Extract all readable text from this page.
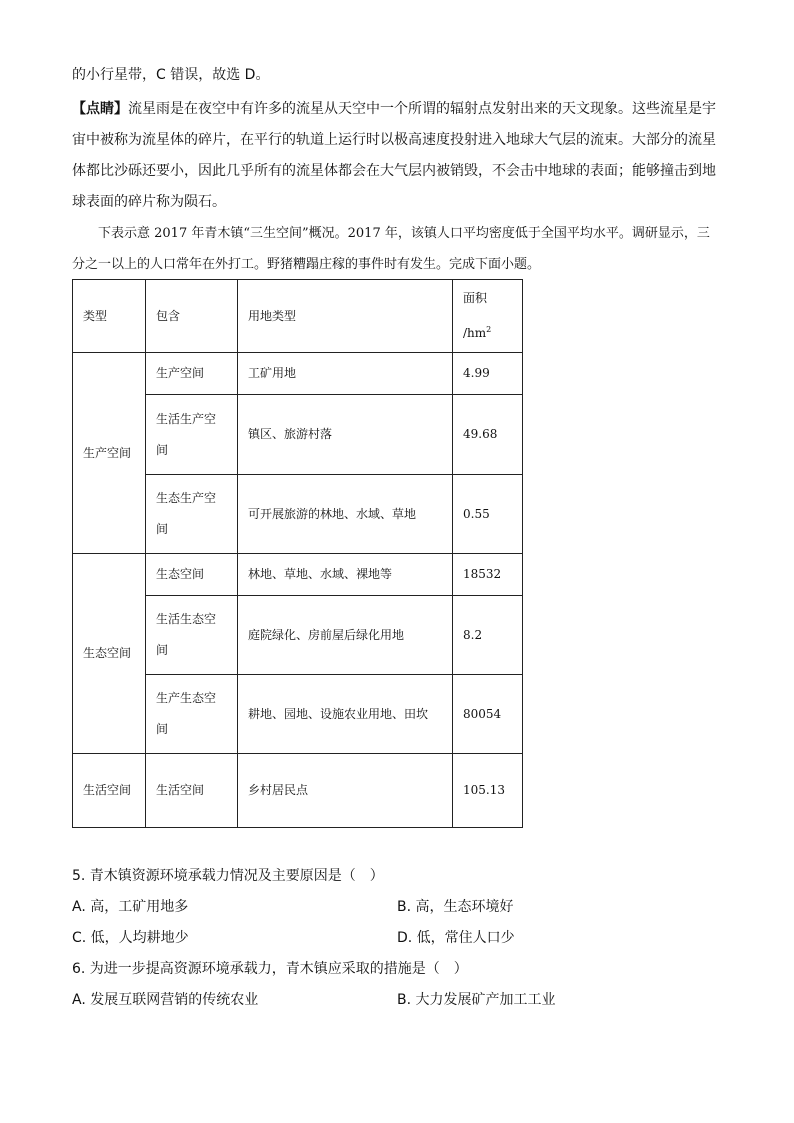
的小行星带，C 错误，故选 D。

【点睛】流星雨是在夜空中有许多的流星从天空中一个所谓的辐射点发射出来的天文现象。这些流星是宇宙中被称为流星体的碎片，在平行的轨道上运行时以极高速度投射进入地球大气层的流束。大部分的流星体都比沙砾还要小，因此几乎所有的流星体都会在大气层内被销毁，不会击中地球的表面；能够撞击到地球表面的碎片称为陨石。

下表示意 2017 年青木镇“三生空间”概况。2017 年，该镇人口平均密度低于全国平均水平。调研显示，三分之一以上的人口常年在外打工。野猪糟蹋庄稼的事件时有发生。完成下面小题。

类型	包含	用地类型	面积
$/hm^2$
生产空间	生产空间	工矿用地	4.99
	生活生产空间	镇区、旅游村落	49.68
	生态生产空间	可开展旅游的林地、水域、草地	0.55
生态空间	生态空间	林地、草地、水域、裸地等	18532
	生活生态空间	庭院绿化、房前屋后绿化用地	8.2
	生产生态空间	耕地、园地、设施农业用地、田坎	80054
生活空间	生活空间	乡村居民点	105.13
5. 青木镇资源环境承载力情况及主要原因是（　）
A. 高，工矿用地多	B. 高，生态环境好
C. 低，人均耕地少	D. 低，常住人口少
6. 为进一步提高资源环境承载力，青木镇应采取的措施是（　）
A. 发展互联网营销的传统农业	B. 大力发展矿产加工工业
